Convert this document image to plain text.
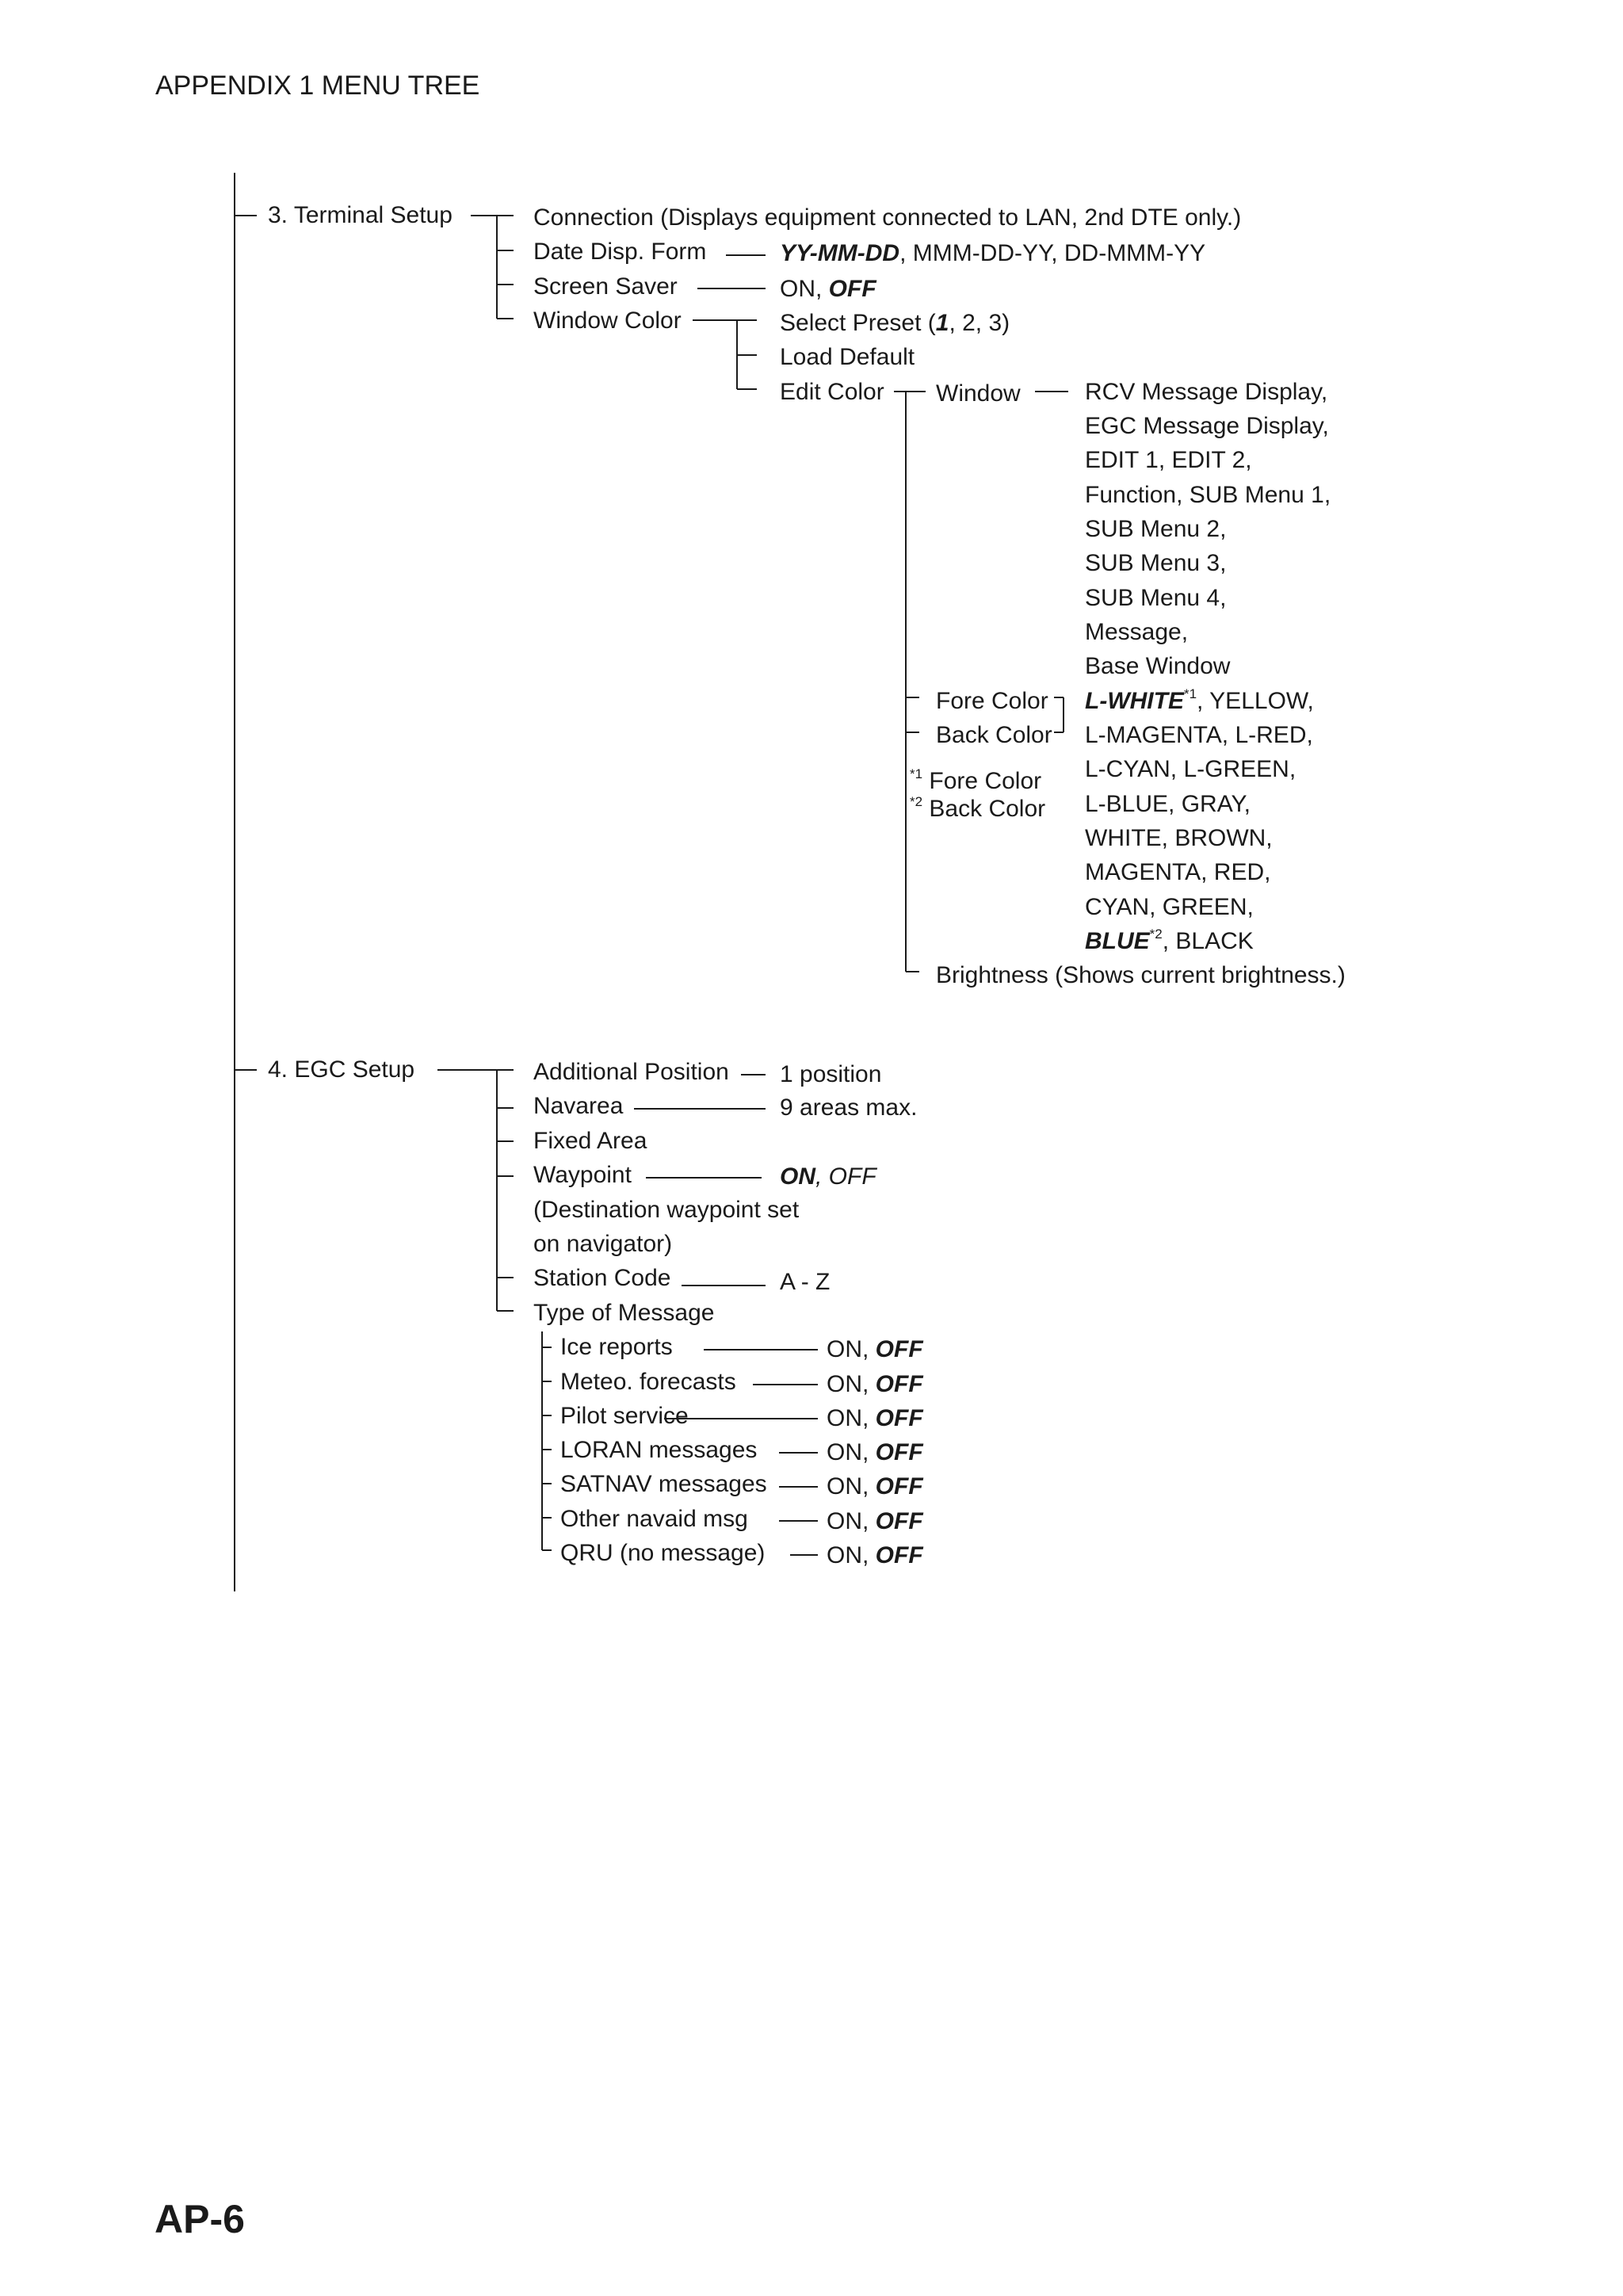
APPENDIX 1 MENU TREE
AP-6
3. Terminal Setup	Connection (Displays equipment connected to LAN, 2nd DTE only.)
Date Disp. Form	YY-MM-DD, MMM-DD-YY, DD-MMM-YY
Screen Saver	ON, OFF
Window Color	Select Preset (1, 2, 3)
Load Default
Edit Color Window	RCV Message Display,
EGC Message Display,
EDIT 1, EDIT 2,
Function, SUB Menu 1,
SUB Menu 2,
SUB Menu 3,
SUB Menu 4,
Message,
Base Window
Fore Color
Back Color
$^{*1}$ Fore Color
$^{*2}$ Back Color
L-WHITE$^{*1}$, YELLOW,
L-MAGENTA, L-RED,
L-CYAN, L-GREEN,
L-BLUE, GRAY,
WHITE, BROWN,
MAGENTA, RED,
CYAN, GREEN,
BLUE$^{*2}$, BLACK
Brightness (Shows current brightness.)
4. EGC Setup	Additional Position 1 position
Navarea	9 areas max.
Fixed Area
Waypoint	ON, OFF
(Destination waypoint set
on navigator)
Station Code	A - Z
Type of Message
Ice reports	ON, OFF
Meteo. forecasts	ON, OFF
Pilot service	ON, OFF
LORAN messages	ON, OFF
SATNAV messages	ON, OFF
Other navaid msg	ON, OFF
QRU (no message)	ON, OFF
